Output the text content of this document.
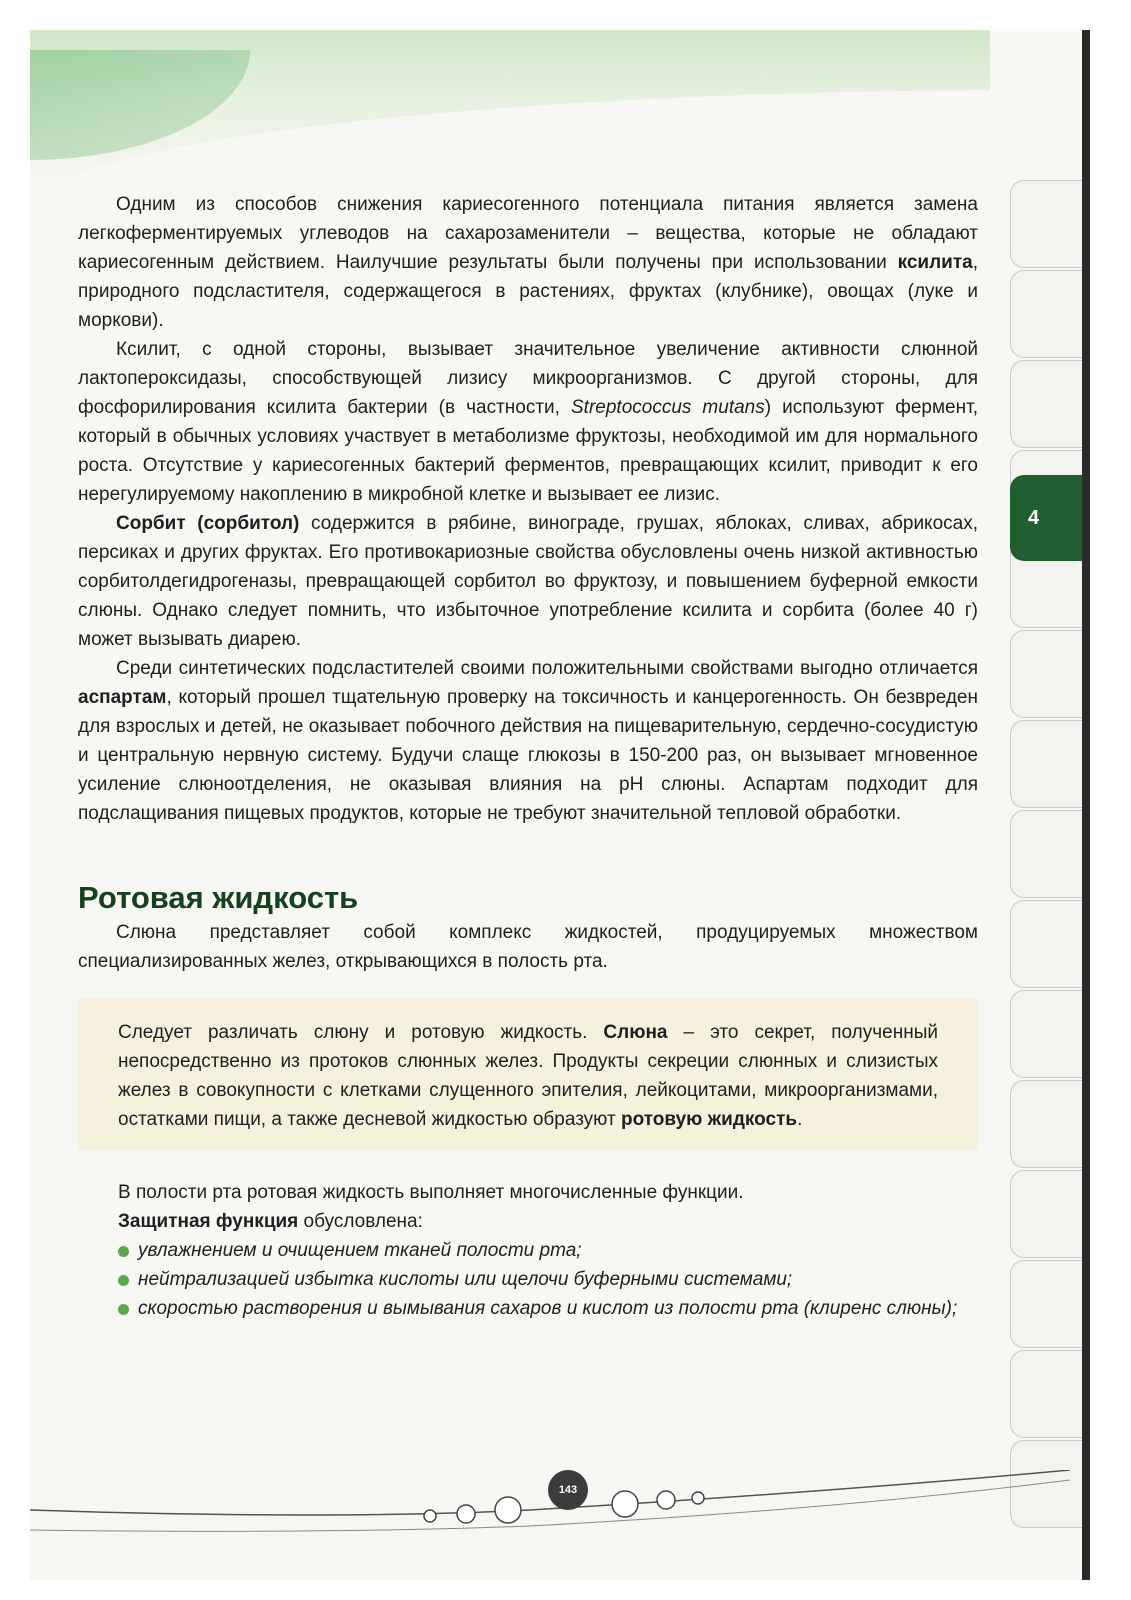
Одним из способов снижения кариесогенного потенциала питания является замена легкоферментируемых углеводов на сахарозаменители – вещества, которые не обладают кариесогенным действием. Наилучшие результаты были получены при использовании ксилита, природного подсластителя, содержащегося в растениях, фруктах (клубнике), овощах (луке и моркови).

Ксилит, с одной стороны, вызывает значительное увеличение активности слюнной лактопероксидазы, способствующей лизису микроорганизмов. С другой стороны, для фосфорилирования ксилита бактерии (в частности, Streptococcus mutans) используют фермент, который в обычных условиях участвует в метаболизме фруктозы, необходимой им для нормального роста. Отсутствие у кариесогенных бактерий ферментов, превращающих ксилит, приводит к его нерегулируемому накоплению в микробной клетке и вызывает ее лизис.

Сорбит (сорбитол) содержится в рябине, винограде, грушах, яблоках, сливах, абрикосах, персиках и других фруктах. Его противокариозные свойства обусловлены очень низкой активностью сорбитолдегидрогеназы, превращающей сорбитол во фруктозу, и повышением буферной емкости слюны. Однако следует помнить, что избыточное употребление ксилита и сорбита (более 40 г) может вызывать диарею.

Среди синтетических подсластителей своими положительными свойствами выгодно отличается аспартам, который прошел тщательную проверку на токсичность и канцерогенность. Он безвреден для взрослых и детей, не оказывает побочного действия на пищеварительную, сердечно-сосудистую и центральную нервную систему. Будучи слаще глюкозы в 150-200 раз, он вызывает мгновенное усиление слюноотделения, не оказывая влияния на pH слюны. Аспартам подходит для подслащивания пищевых продуктов, которые не требуют значительной тепловой обработки.

Ротовая жидкость

Слюна представляет собой комплекс жидкостей, продуцируемых множеством специализированных желез, открывающихся в полость рта.

Следует различать слюну и ротовую жидкость. Слюна – это секрет, полученный непосредственно из протоков слюнных желез. Продукты секреции слюнных и слизистых желез в совокупности с клетками слущенного эпителия, лейкоцитами, микроорганизмами, остатками пищи, а также десневой жидкостью образуют ротовую жидкость.

В полости рта ротовая жидкость выполняет многочисленные функции.

Защитная функция обусловлена:

увлажнением и очищением тканей полости рта;
нейтрализацией избытка кислоты или щелочи буферными системами;
скоростью растворения и вымывания сахаров и кислот из полости рта (клиренс слюны);
4
143
